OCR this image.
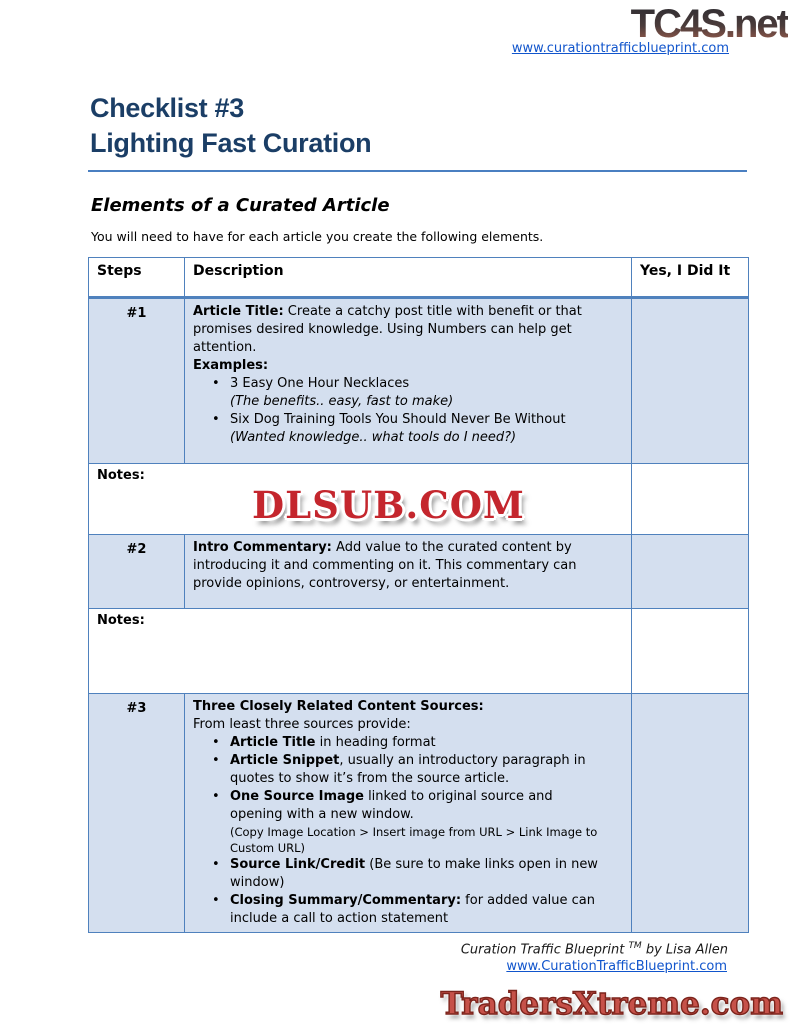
TC4S.net
www.curationtrafficblueprint.com
Checklist #3
Lighting Fast Curation
Elements of a Curated Article
You will need to have for each article you create the following elements.
Steps	Description	Yes, I Did It
#1	Article Title: Create a catchy post title with benefit or that promises desired knowledge. Using Numbers can help get attention.
Examples:
• 3 Easy One Hour Necklaces
(The benefits.. easy, fast to make)
• Six Dog Training Tools You Should Never Be Without
(Wanted knowledge.. what tools do I need?)

Notes:		
#2	Intro Commentary: Add value to the curated content by introducing it and commenting on it. This commentary can provide opinions, controversy, or entertainment.	

Notes:		
#3	Three Closely Related Content Sources:
From least three sources provide:
• Article Title in heading format
• Article Snippet, usually an introductory paragraph in quotes to show it’s from the source article.
• One Source Image linked to original source and opening with a new window.
(Copy Image Location > Insert image from URL > Link Image to Custom URL)
• Source Link/Credit (Be sure to make links open in new window)
• Closing Summary/Commentary: for added value can include a call to action statement

DLSUB.COM
Curation Traffic Blueprint ™ by Lisa Allen
www.CurationTrafficBlueprint.com
TradersXtreme.com
